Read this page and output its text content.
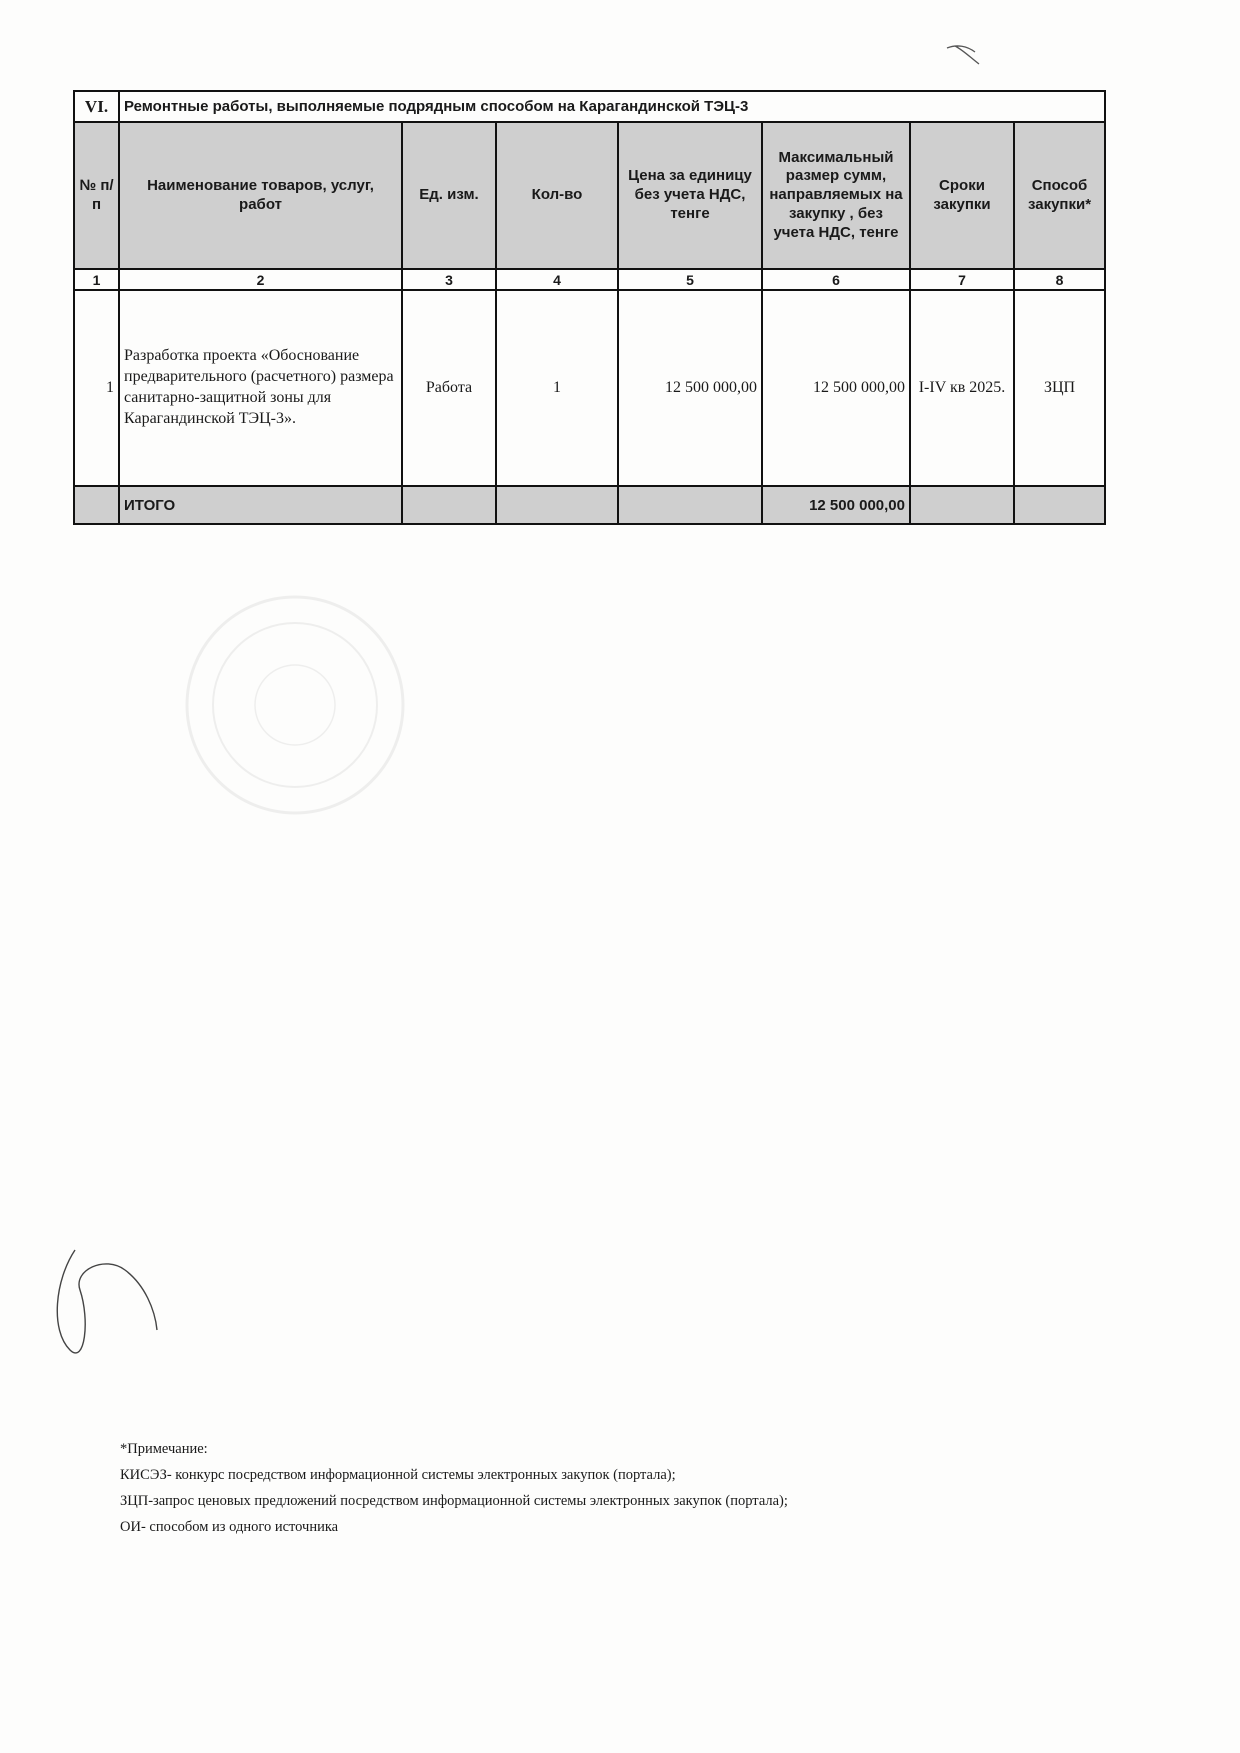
VI.	Ремонтные работы, выполняемые подрядным способом на Карагандинской ТЭЦ-3						
№ п/п	Наименование товаров, услуг, работ	Ед. изм.	Кол-во	Цена за единицу без учета НДС, тенге	Максимальный размер сумм, направляемых на закупку , без учета НДС, тенге	Сроки закупки	Способ закупки*
1	2	3	4	5	6	7	8
1	Разработка проекта «Обоснование предварительного (расчетного) размера санитарно-защитной зоны для Карагандинской ТЭЦ-3».	Работа	1	12 500 000,00	12 500 000,00	I-IV кв 2025.	ЗЦП
	ИТОГО				12 500 000,00		
*Примечание:
КИСЭЗ- конкурс посредством информационной системы электронных закупок (портала);
ЗЦП-запрос ценовых предложений посредством информационной системы электронных закупок (портала);
ОИ- способом из одного источника
